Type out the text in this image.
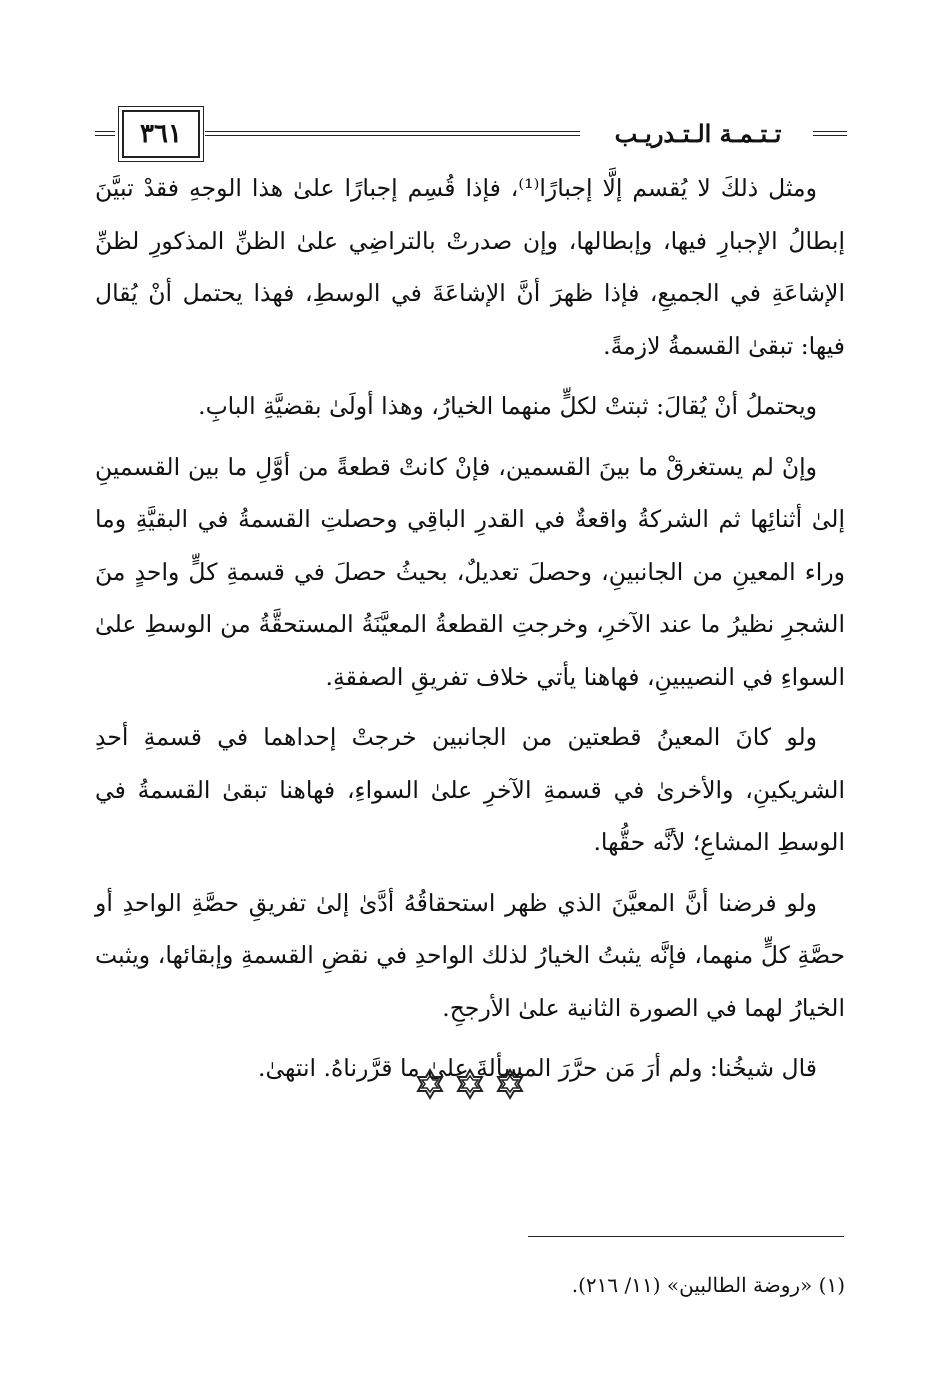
٣٦١	تـتـمـة الـتـدريـب

ومثل ذلكَ لا يُقسم إلَّا إجبارًا⁽¹⁾، فإذا قُسِم إجبارًا علىٰ هذا الوجهِ فقدْ تبيَّنَ إبطالُ الإجبارِ فيها، وإبطالها، وإن صدرتْ بالتراضِي علىٰ الظنِّ المذكورِ لظنِّ الإشاعَةِ في الجميعِ، فإذا ظهرَ أنَّ الإشاعَةَ في الوسطِ، فهذا يحتمل أنْ يُقال فيها: تبقىٰ القسمةُ لازمةً.

ويحتملُ أنْ يُقالَ: ثبتتْ لكلٍّ منهما الخيارُ، وهذا أولَىٰ بقضيَّةِ البابِ.

وإنْ لم يستغرقْ ما بينَ القسمين، فإنْ كانتْ قطعةً من أوَّلِ ما بين القسمينِ إلىٰ أثنائِها ثم الشركةُ واقعةٌ في القدرِ الباقِي وحصلتِ القسمةُ في البقيَّةِ وما وراء المعينِ من الجانبينِ، وحصلَ تعديلٌ، بحيثُ حصلَ في قسمةِ كلٍّ واحدٍ منَ الشجرِ نظيرُ ما عند الآخرِ، وخرجتِ القطعةُ المعيَّنَةُ المستحقَّةُ من الوسطِ علىٰ السواءِ في النصيبينِ، فهاهنا يأتي خلاف تفريقِ الصفقةِ.

ولو كانَ المعينُ قطعتين من الجانبين خرجتْ إحداهما في قسمةِ أحدِ الشريكينِ، والأخرىٰ في قسمةِ الآخرِ علىٰ السواءِ، فهاهنا تبقىٰ القسمةُ في الوسطِ المشاعِ؛ لأنَّه حقُّها.

ولو فرضنا أنَّ المعيَّنَ الذي ظهر استحقاقُهُ أدَّىٰ إلىٰ تفريقِ حصَّةِ الواحدِ أو حصَّةِ كلٍّ منهما، فإنَّه يثبتُ الخيارُ لذلك الواحدِ في نقضِ القسمةِ وإبقائها، ويثبت الخيارُ لهما في الصورة الثانية علىٰ الأرجحِ.

قال شيخُنا: ولم أرَ مَن حرَّرَ المسألةَ علىٰ ما قرَّرناهُ. انتهىٰ.

(١) «روضة الطالبين» (١١/ ٢١٦).
